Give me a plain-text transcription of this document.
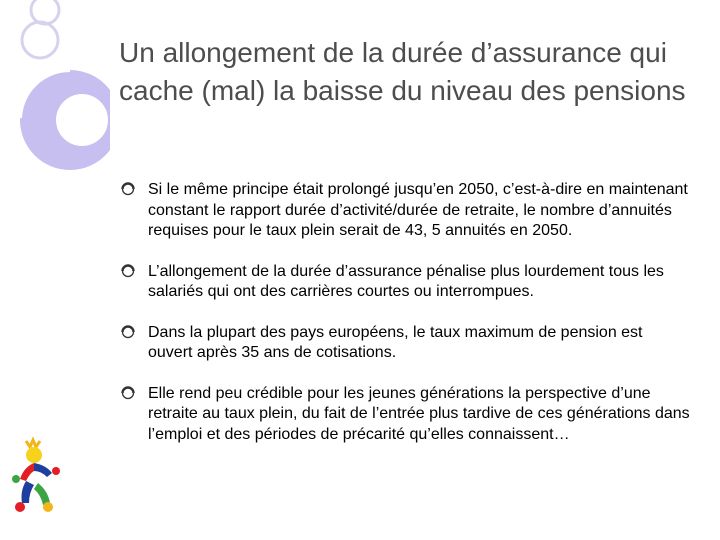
Un allongement de la durée d’assurance qui cache (mal) la baisse du niveau des pensions
Si le même principe était prolongé jusqu’en 2050, c’est-à-dire en maintenant constant le rapport durée d’activité/durée de retraite, le nombre d’annuités requises pour le taux plein serait de 43, 5 annuités en 2050.
L’allongement de la durée d’assurance pénalise plus lourdement tous les salariés qui ont des carrières courtes ou interrompues.
Dans la plupart des pays européens, le taux maximum de pension est ouvert après 35 ans de cotisations.
Elle rend peu crédible pour les jeunes générations la perspective d’une retraite au taux plein, du fait de l’entrée plus tardive de ces générations dans l’emploi et des périodes de précarité qu’elles connaissent…
